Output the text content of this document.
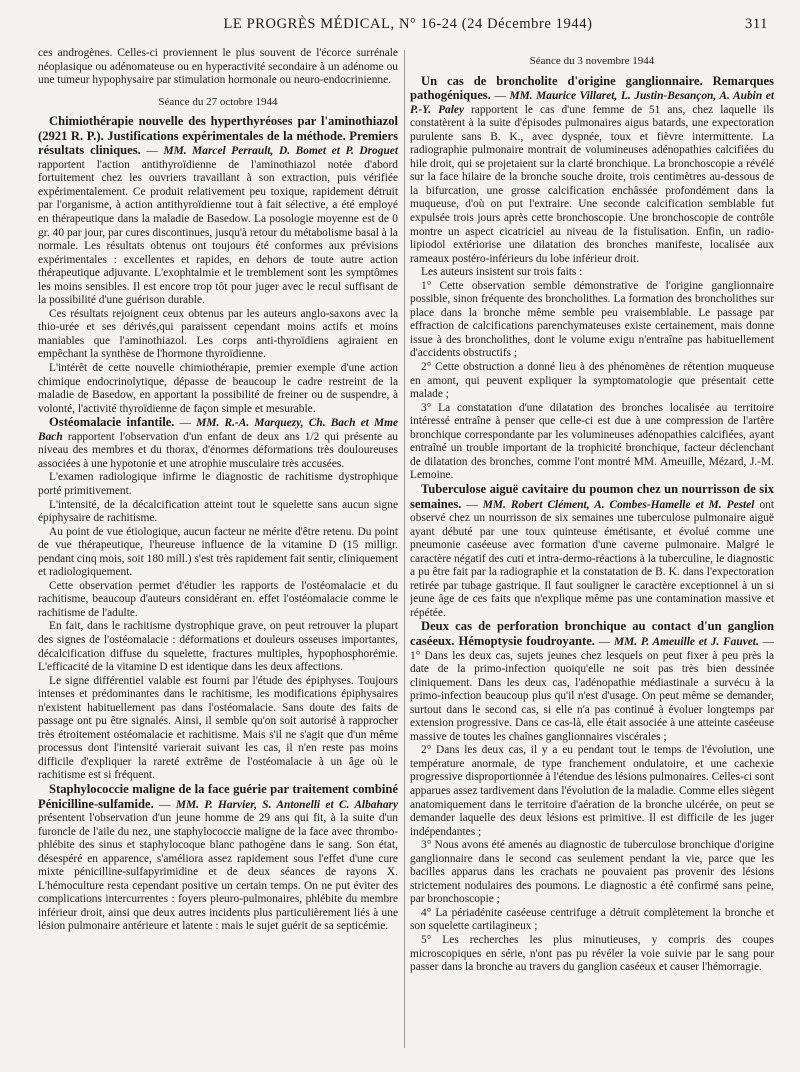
LE PROGRÈS MÉDICAL, N° 16-24 (24 Décembre 1944)	311

ces androgènes. Celles-ci proviennent le plus souvent de l'écorce surrénale néoplasique ou adénomateuse ou en hyperactivité secondaire à un adénome ou une tumeur hypophysaire par stimulation hormonale ou neuro-endocrinienne.

Séance du 27 octobre 1944

Chimiothérapie nouvelle des hyperthyréoses par l'aminothiazol (2921 R. P.). Justifications expérimentales de la méthode. Premiers résultats cliniques. — MM. Marcel Perrault, D. Bomet et P. Droguet rapportent l'action antithyroïdienne de l'aminothiazol notée d'abord fortuitement chez les ouvriers travaillant à son extraction, puis vérifiée expérimentalement. Ce produit relativement peu toxique, rapidement détruit par l'organisme, à action antithyroïdienne tout à fait sélective, a été employé en thérapeutique dans la maladie de Basedow. La posologie moyenne est de 0 gr. 40 par jour, par cures discontinues, jusqu'à retour du métabolisme basal à la normale. Les résultats obtenus ont toujours été conformes aux prévisions expérimentales : excellentes et rapides, en dehors de toute autre action thérapeutique adjuvante. L'exophtalmie et le tremblement sont les symptômes les moins sensibles. Il est encore trop tôt pour juger avec le recul suffisant de la possibilité d'une guérison durable.

Ces résultats rejoignent ceux obtenus par les auteurs anglo-saxons avec la thio-urée et ses dérivés,qui paraissent cependant moins actifs et moins maniables que l'aminothiazol. Les corps anti-thyroïdiens agiraient en empêchant la synthèse de l'hormone thyroïdienne.

L'intérêt de cette nouvelle chimiothérapie, premier exemple d'une action chimique endocrinolytique, dépasse de beaucoup le cadre restreint de la maladie de Basedow, en apportant la possibilité de freiner ou de suspendre, à volonté, l'activité thyroïdienne de façon simple et mesurable.

Ostéomalacie infantile. — MM. R.-A. Marquezy, Ch. Bach et Mme Bach rapportent l'observation d'un enfant de deux ans 1/2 qui présente au niveau des membres et du thorax, d'énormes déformations très douloureuses associées à une hypotonie et une atrophie musculaire très accusées.

L'examen radiologique infirme le diagnostic de rachitisme dystrophique porté primitivement.

L'intensité, de la décalcification atteint tout le squelette sans aucun signe épiphysaire de rachitisme.

Au point de vue étiologique, aucun facteur ne mérite d'être retenu. Du point de vue thérapeutique, l'heureuse influence de la vitamine D (15 milligr. pendant cinq mois, soit 180 mill.) s'est très rapidement fait sentir, cliniquement et radiologiquement.

Cette observation permet d'étudier les rapports de l'ostéomalacie et du rachitisme, beaucoup d'auteurs considérant en. effet l'ostéomalacie comme le rachitisme de l'adulte.

En fait, dans le rachitisme dystrophique grave, on peut retrouver la plupart des signes de l'ostéomalacie : déformations et douleurs osseuses importantes, décalcification diffuse du squelette, fractures multiples, hypophosphorémie. L'efficacité de la vitamine D est identique dans les deux affections.

Le signe différentiel valable est fourni par l'étude des épiphyses. Toujours intenses et prédominantes dans le rachitisme, les modifications épiphysaires n'existent habituellement pas dans l'ostéomalacie. Sans doute des faits de passage ont pu être signalés. Ainsi, il semble qu'on soit autorisé à rapprocher très étroitement ostéomalacie et rachitisme. Mais s'il ne s'agit que d'un même processus dont l'intensité varierait suivant les cas, il n'en reste pas moins difficile d'expliquer la rareté extrême de l'ostéomalacie à un âge où le rachitisme est si fréquent.

Staphylococcie maligne de la face guérie par traitement combiné Pénicilline-sulfamide. — MM. P. Harvier, S. Antonelli et C. Albahary présentent l'observation d'un jeune homme de 29 ans qui fit, à la suite d'un furoncle de l'aile du nez, une staphylococcie maligne de la face avec thrombo-phlébite des sinus et staphylocoque blanc pathogène dans le sang. Son état, désespéré en apparence, s'améliora assez rapidement sous l'effet d'une cure mixte pénicilline-sulfapyrimidine et de deux séances de rayons X. L'hémoculture resta cependant positive un certain temps. On ne put éviter des complications intercurrentes : foyers pleuro-pulmonaires, phlébite du membre inférieur droit, ainsi que deux autres incidents plus particulièrement liés à une lésion pulmonaire antérieure et latente : mais le sujet guérit de sa septicémie.

Séance du 3 novembre 1944

Un cas de broncholite d'origine ganglionnaire. Remarques pathogéniques. — MM. Maurice Villaret, L. Justin-Besançon, A. Aubin et P.-Y. Paley rapportent le cas d'une femme de 51 ans, chez laquelle ils constatèrent à la suite d'épisodes pulmonaires aigus batards, une expectoration purulente sans B. K., avec dyspnée, toux et fièvre intermittente. La radiographie pulmonaire montrait de volumineuses adénopathies calcifiées du hile droit, qui se projetaient sur la clarté bronchique. La bronchoscopie a révélé sur la face hilaire de la bronche souche droite, trois centimètres au-dessous de la bifurcation, une grosse calcification enchâssée profondément dans la muqueuse, d'où on put l'extraire. Une seconde calcification semblable fut expulsée trois jours après cette bronchoscopie. Une bronchoscopie de contrôle montre un aspect cicatriciel au niveau de la fistulisation. Enfin, un radio-lipiodol extériorise une dilatation des bronches manifeste, localisée aux rameaux postéro-inférieurs du lobe inférieur droit.

Les auteurs insistent sur trois faits :

1° Cette observation semble démonstrative de l'origine ganglionnaire possible, sinon fréquente des broncholithes. La formation des broncholithes sur place dans la bronche même semble peu vraisemblable. Le passage par effraction de calcifications parenchymateuses existe certainement, mais donne issue à des broncholithes, dont le volume exigu n'entraîne pas habituellement d'accidents obstructifs ;

2° Cette obstruction a donné lieu à des phénomènes de rétention muqueuse en amont, qui peuvent expliquer la symptomatologie que présentait cette malade ;

3° La constatation d'une dilatation des bronches localisée au territoire intéressé entraîne à penser que celle-ci est due à une compression de l'artère bronchique correspondante par les volumineuses adénopathies calcifiées, ayant entraîné un trouble important de la trophicité bronchique, facteur déclenchant de dilatation des bronches, comme l'ont montré MM. Ameuille, Mézard, J.-M. Lemoine.

Tuberculose aiguë cavitaire du poumon chez un nourrisson de six semaines. — MM. Robert Clément, A. Combes-Hamelle et M. Pestel ont observé chez un nourrisson de six semaines une tuberculose pulmonaire aiguë ayant débuté par une toux quinteuse émétisante, et évolué comme une pneumonie caséeuse avec formation d'une caverne pulmonaire. Malgré le caractère négatif des cuti et intra-dermo-réactions à la tuberculine, le diagnostic a pu être fait par la radiographie et la constatation de B. K. dans l'expectoration retirée par tubage gastrique. Il faut souligner le caractère exceptionnel à un si jeune âge de ces faits que n'explique même pas une contamination massive et répétée.

Deux cas de perforation bronchique au contact d'un ganglion caséeux. Hémoptysie foudroyante. — MM. P. Ameuille et J. Fauvet. — 1° Dans les deux cas, sujets jeunes chez lesquels on peut fixer à peu près la date de la primo-infection quoiqu'elle ne soit pas très bien dessinée cliniquement. Dans les deux cas, l'adénopathie médiastinale a survécu à la primo-infection beaucoup plus qu'il n'est d'usage. On peut même se demander, surtout dans le second cas, si elle n'a pas continué à évoluer longtemps par extension progressive. Dans ce cas-là, elle était associée à une atteinte caséeuse massive de toutes les chaînes ganglionnaires viscérales ;

2° Dans les deux cas, il y a eu pendant tout le temps de l'évolution, une température anormale, de type franchement ondulatoire, et une cachexie progressive disproportionnée à l'étendue des lésions pulmonaires. Celles-ci sont apparues assez tardivement dans l'évolution de la maladie. Comme elles siègent anatomiquement dans le territoire d'aération de la bronche ulcérée, on peut se demander laquelle des deux lésions est primitive. Il est difficile de les juger indépendantes ;

3° Nous avons été amenés au diagnostic de tuberculose bronchique d'origine ganglionnaire dans le second cas seulement pendant la vie, parce que les bacilles apparus dans les crachats ne pouvaient pas provenir des lésions strictement nodulaires des poumons. Le diagnostic a été confirmé sans peine, par bronchoscopie ;

4° La périadénite caséeuse centrifuge a détruit complètement la bronche et son squelette cartilagineux ;

5° Les recherches les plus minutieuses, y compris des coupes microscopiques en série, n'ont pas pu révéler la voie suivie par le sang pour passer dans la bronche au travers du ganglion caséeux et causer l'hémorragie.
